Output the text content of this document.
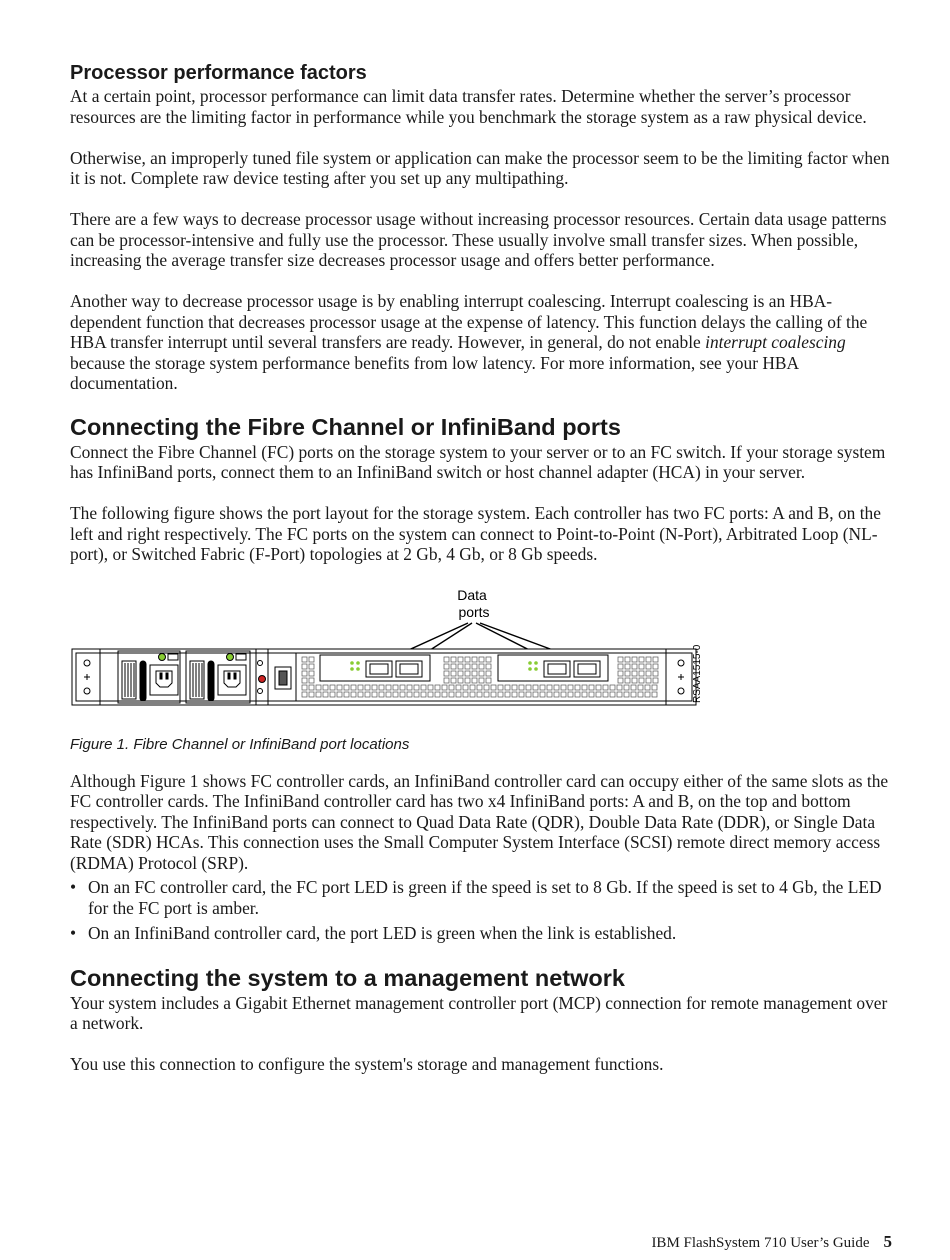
Processor performance factors

At a certain point, processor performance can limit data transfer rates. Determine whether the server’s processor resources are the limiting factor in performance while you benchmark the storage system as a raw physical device.

Otherwise, an improperly tuned file system or application can make the processor seem to be the limiting factor when it is not. Complete raw device testing after you set up any multipathing.

There are a few ways to decrease processor usage without increasing processor resources. Certain data usage patterns can be processor-intensive and fully use the processor. These usually involve small transfer sizes. When possible, increasing the average transfer size decreases processor usage and offers better performance.

Another way to decrease processor usage is by enabling interrupt coalescing. Interrupt coalescing is an HBA-dependent function that decreases processor usage at the expense of latency. This function delays the calling of the HBA transfer interrupt until several transfers are ready. However, in general, do not enable interrupt coalescing because the storage system performance benefits from low latency. For more information, see your HBA documentation.

Connecting the Fibre Channel or InfiniBand ports

Connect the Fibre Channel (FC) ports on the storage system to your server or to an FC switch. If your storage system has InfiniBand ports, connect them to an InfiniBand switch or host channel adapter (HCA) in your server.

The following figure shows the port layout for the storage system. Each controller has two FC ports: A and B, on the left and right respectively. The FC ports on the system can connect to Point-to-Point (N-Port), Arbitrated Loop (NL-port), or Switched Fabric (F-Port) topologies at 2 Gb, 4 Gb, or 8 Gb speeds.

Data
ports
RSAA1515-0
Figure 1. Fibre Channel or InfiniBand port locations

Although Figure 1 shows FC controller cards, an InfiniBand controller card can occupy either of the same slots as the FC controller cards. The InfiniBand controller card has two x4 InfiniBand ports: A and B, on the top and bottom respectively. The InfiniBand ports can connect to Quad Data Rate (QDR), Double Data Rate (DDR), or Single Data Rate (SDR) HCAs. This connection uses the Small Computer System Interface (SCSI) remote direct memory access (RDMA) Protocol (SRP).

• On an FC controller card, the FC port LED is green if the speed is set to 8 Gb. If the speed is set to 4 Gb, the LED for the FC port is amber.
• On an InfiniBand controller card, the port LED is green when the link is established.
Connecting the system to a management network

Your system includes a Gigabit Ethernet management controller port (MCP) connection for remote management over a network.

You use this connection to configure the system's storage and management functions.

IBM FlashSystem 710 User’s Guide 5
